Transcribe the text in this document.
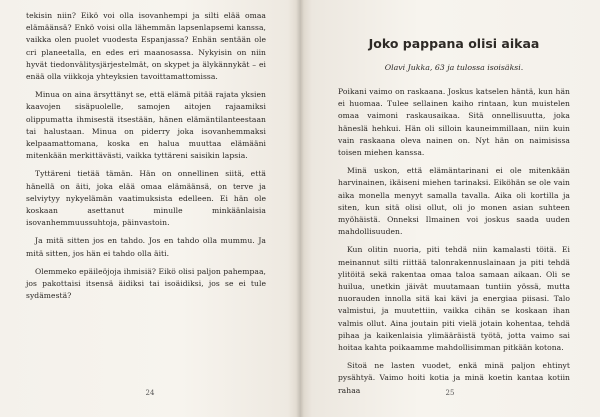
tekisin niin? Eikö voi olla isovanhempi ja silti elää omaa elämäänsä? Enkö voisi olla lähemmän lapsenlapsemi kanssa, vaikka olen puolet vuodesta Espanjassa? Enhän sentään ole cri planeetalla, en edes eri maanosassa. Nykyisin on niin hyvät tiedonvälitysjärjestelmät, on skypet ja älykännykät – ei enää olla viikkoja yhteyksien tavoittamattomissa.

Minua on aina ärsyttänyt se, että elämä pitää rajata yksien kaavojen sisäpuolelle, samojen aitojen rajaamiksi olippumatta ihmisestä itsestään, hänen elämäntilanteestaan tai halustaan. Minua on piderry joka isovanhemmaksi kelpaamattomana, koska en halua muuttaa elämääni mitenkään merkittävästi, vaikka tyttäreni saisikin lapsia.

Tyttäreni tietää tämän. Hän on onnellinen siitä, että hänellä on äiti, joka elää omaa elämäänsä, on terve ja selviytyy nykyelämän vaatimuksista edelleen. Ei hän ole koskaan asettanut minulle minkäänlaisia isovanhemmuussuhtoja, päinvastoin.

Ja mitä sitten jos en tahdo. Jos en tahdo olla mummu. Ja mitä sitten, jos hän ei tahdo olla äiti.

Olemmeko epäileöjoja ihmisiä? Eikö olisi paljon pahempaa, jos pakottaisi itsensä äidiksi tai isoäidiksi, jos se ei tule sydämestä?

24
Joko pappana olisi aikaa

Olavi Jukka, 63 ja tulossa isoisäksi.

Poikani vaimo on raskaana. Joskus katselen häntä, kun hän ei huomaa. Tulee sellainen kaiho rintaan, kun muistelen omaa vaimoni raskausaikaa. Sitä onnellisuutta, joka häneslä hehkui. Hän oli silloin kauneimmillaan, niin kuin vain raskaana oleva nainen on. Nyt hän on naimisissa toisen miehen kanssa.

Minä uskon, että elämäntarinani ei ole mitenkään harvinainen, ikäiseni miehen tarinaksi. Eiköhän se ole vain aika monella menyyt samalla tavalla. Aika oli kortilla ja siten, kun sitä olisi ollut, oli jo monen asian suhteen myöhäistä. Onneksi Ilmainen voi joskus saada uuden mahdollisuuden.

Kun olitin nuoria, piti tehdä niin kamalasti töitä. Ei meinannut silti riittää talonrakennuslainaan ja piti tehdä ylitöitä sekä rakentaa omaa taloa samaan aikaan. Oli se huilua, unetkin jäivät muutamaan tuntiin yössä, mutta nuorauden innolla sitä kai kävi ja energiaa piisasi. Talo valmistui, ja muutettiin, vaikka cihän se koskaan ihan valmis ollut. Aina joutain piti vielä jotain kohentaa, tehdä pihaa ja kaikenlaisia ylimääräistä työtä, jotta vaimo sai hoitaa kahta poikaamme mahdollisimman pitkään kotona.

Sitoä ne lasten vuodet, enkä minä paljon ehtinyt pysähtyä. Vaimo hoiti kotia ja minä koetin kantaa kotiin rahaa	25
